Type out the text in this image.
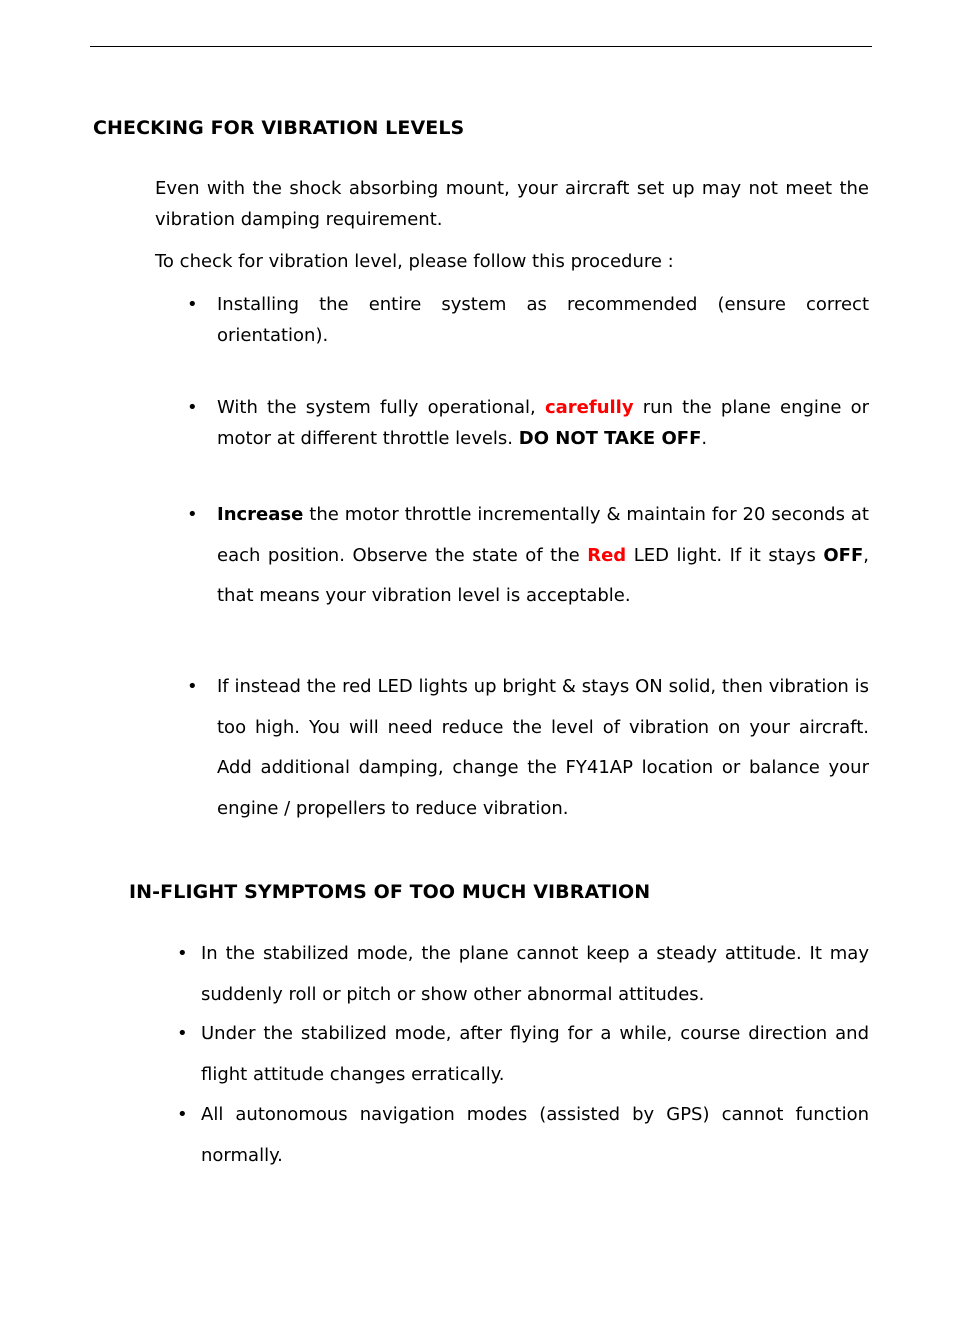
CHECKING FOR VIBRATION LEVELS

Even with the shock absorbing mount, your aircraft set up may not meet the vibration damping requirement.

To check for vibration level, please follow this procedure :

• Installing the entire system as recommended (ensure correct orientation).
• With the system fully operational, carefully run the plane engine or motor at different throttle levels. DO NOT TAKE OFF.
• Increase the motor throttle incrementally & maintain for 20 seconds at each position. Observe the state of the Red LED light. If it stays OFF, that means your vibration level is acceptable.
• If instead the red LED lights up bright & stays ON solid, then vibration is too high. You will need reduce the level of vibration on your aircraft. Add additional damping, change the FY41AP location or balance your engine / propellers to reduce vibration.
IN-FLIGHT SYMPTOMS OF TOO MUCH VIBRATION
• In the stabilized mode, the plane cannot keep a steady attitude. It may suddenly roll or pitch or show other abnormal attitudes.
• Under the stabilized mode, after flying for a while, course direction and flight attitude changes erratically.
• All autonomous navigation modes (assisted by GPS) cannot function normally.
